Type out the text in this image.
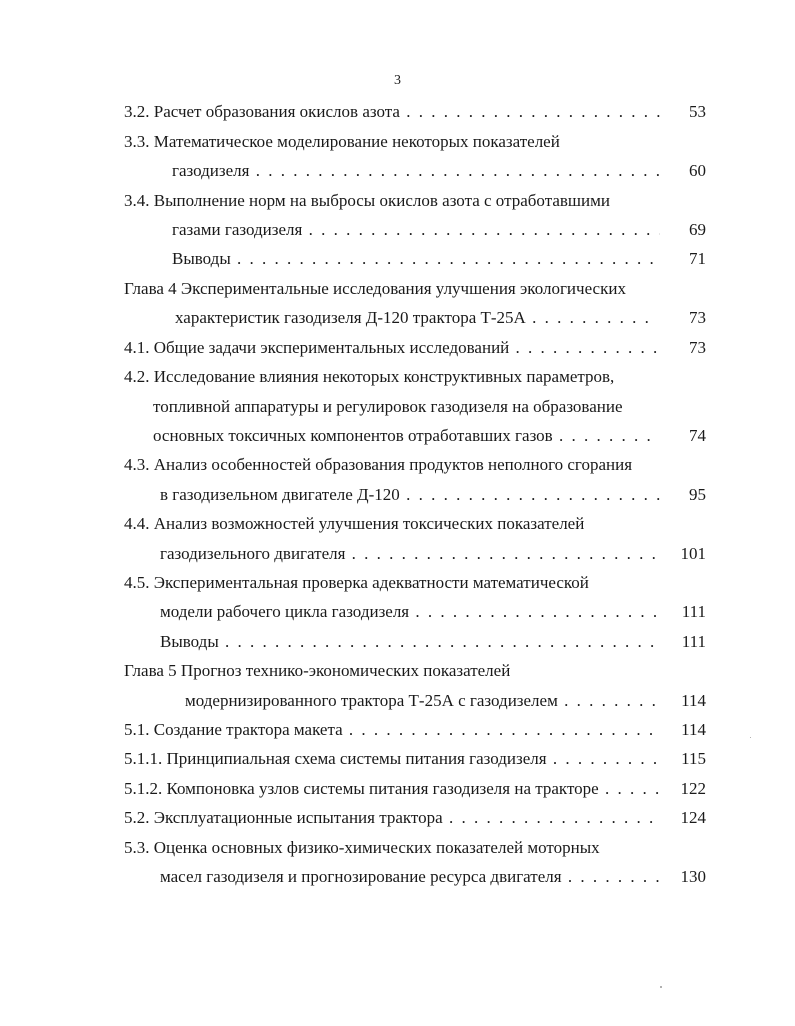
3
3.2. Расчет образования окислов азота . . .	53
3.3. Математическое моделирование некоторых показателей
газодизеля . . .	60
3.4. Выполнение норм на выбросы окислов азота с отработавшими
газами газодизеля . . .	69
Выводы . . .	71
Глава 4 Экспериментальные исследования улучшения экологических
характеристик газодизеля Д-120 трактора Т-25А . . .	73
4.1. Общие задачи экспериментальных исследований . . .	73
4.2. Исследование влияния некоторых конструктивных параметров,
топливной аппаратуры и регулировок газодизеля на образование
основных токсичных компонентов отработавших газов . . .	74
4.3. Анализ особенностей образования продуктов неполного сгорания
в газодизельном двигателе Д-120 . . .	95
4.4. Анализ возможностей улучшения токсических показателей
газодизельного двигателя . . .	101
4.5. Экспериментальная проверка адекватности математической
модели рабочего цикла газодизеля . . .	111
Выводы . . .	111
Глава 5 Прогноз технико-экономических показателей
модернизированного трактора Т-25А с газодизелем . . .	114
5.1. Создание трактора макета . . .	114
5.1.1. Принципиальная схема системы питания газодизеля . . .	115
5.1.2. Компоновка узлов системы питания газодизеля на тракторе . . .	122
5.2. Эксплуатационные испытания трактора . . .	124
5.3. Оценка основных физико-химических показателей моторных
масел газодизеля и прогнозирование ресурса двигателя . . .	130
